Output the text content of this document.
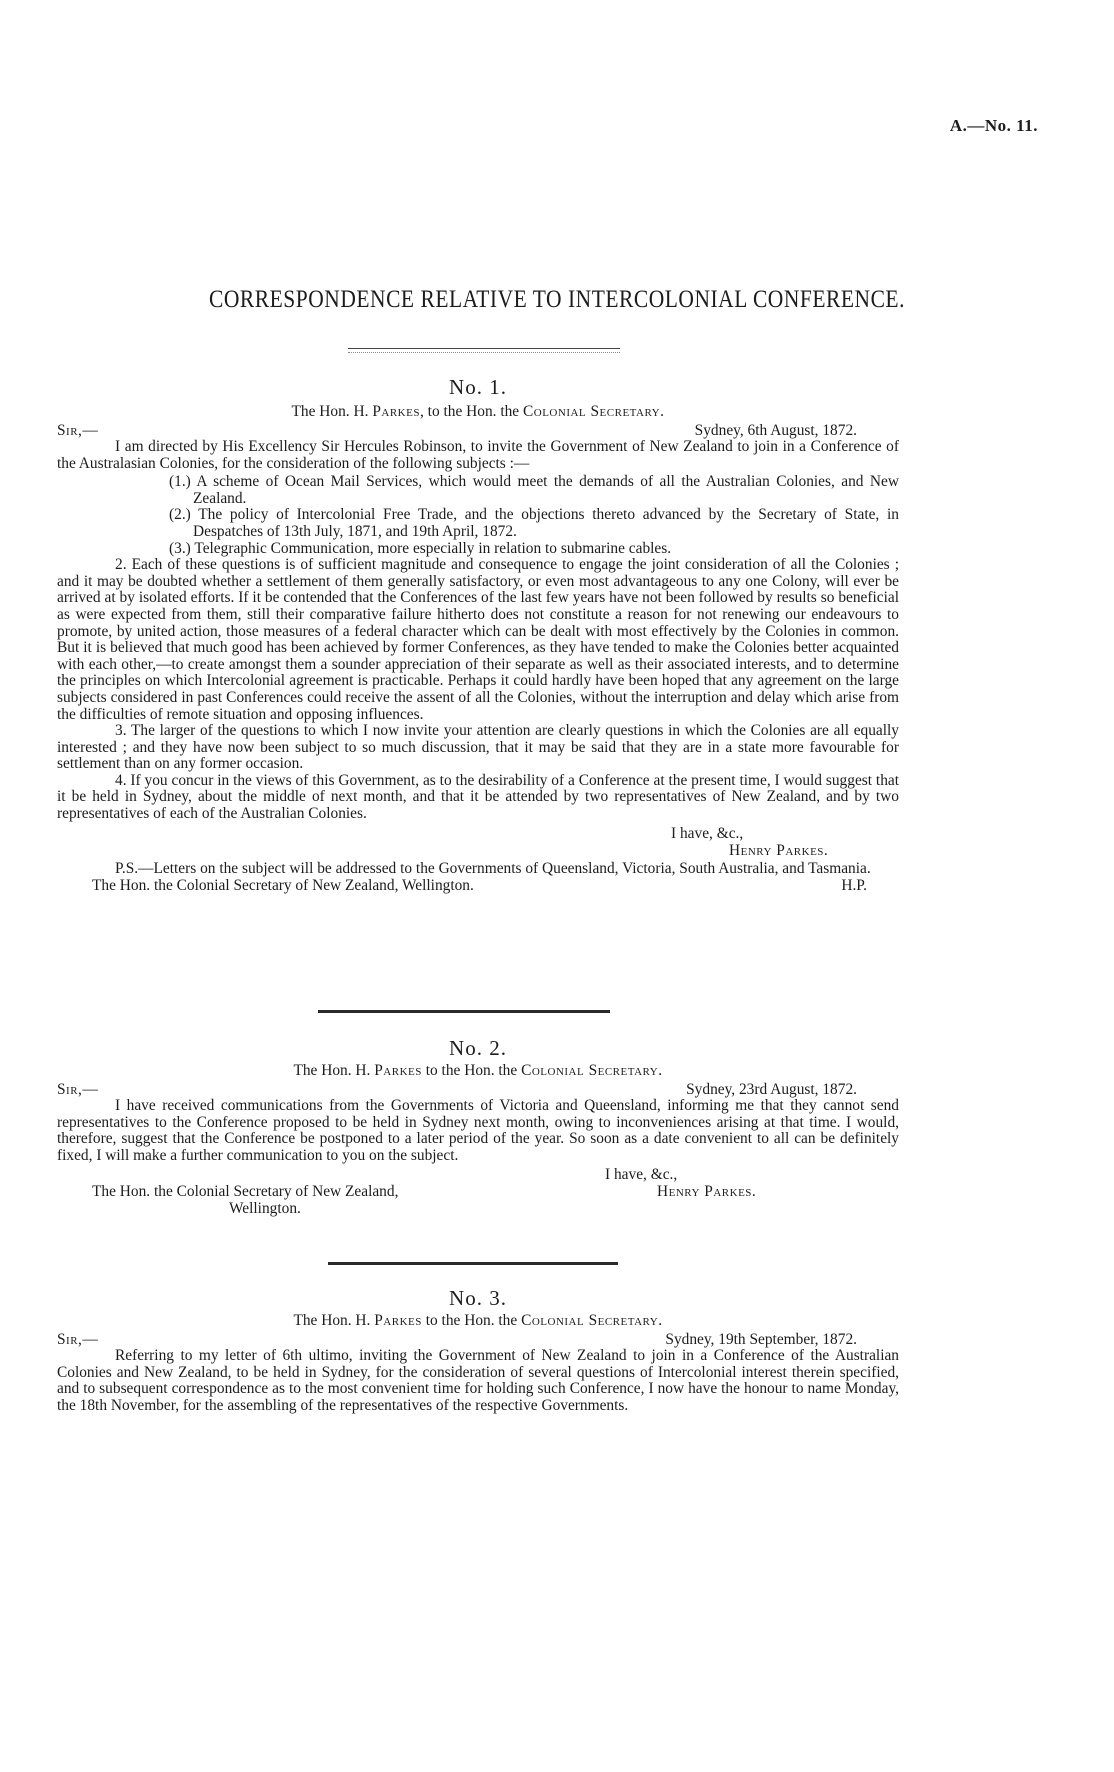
A.—No. 11.
CORRESPONDENCE RELATIVE TO INTERCOLONIAL CONFERENCE.
No. 1.
The Hon. H. Parkes, to the Hon. the Colonial Secretary.
Sir,—	Sydney, 6th August, 1872.

I am directed by His Excellency Sir Hercules Robinson, to invite the Government of New Zealand to join in a Conference of the Australasian Colonies, for the consideration of the following subjects :—

(1.) A scheme of Ocean Mail Services, which would meet the demands of all the Australian Colonies, and New Zealand.

(2.) The policy of Intercolonial Free Trade, and the objections thereto advanced by the Secretary of State, in Despatches of 13th July, 1871, and 19th April, 1872.

(3.) Telegraphic Communication, more especially in relation to submarine cables.

2. Each of these questions is of sufficient magnitude and consequence to engage the joint consideration of all the Colonies ; and it may be doubted whether a settlement of them generally satisfactory, or even most advantageous to any one Colony, will ever be arrived at by isolated efforts. If it be contended that the Conferences of the last few years have not been followed by results so beneficial as were expected from them, still their comparative failure hitherto does not constitute a reason for not renewing our endeavours to promote, by united action, those measures of a federal character which can be dealt with most effectively by the Colonies in common. But it is believed that much good has been achieved by former Conferences, as they have tended to make the Colonies better acquainted with each other,—to create amongst them a sounder appreciation of their separate as well as their associated interests, and to determine the principles on which Intercolonial agreement is practicable. Perhaps it could hardly have been hoped that any agreement on the large subjects considered in past Conferences could receive the assent of all the Colonies, without the interruption and delay which arise from the difficulties of remote situation and opposing influences.

3. The larger of the questions to which I now invite your attention are clearly questions in which the Colonies are all equally interested ; and they have now been subject to so much discussion, that it may be said that they are in a state more favourable for settlement than on any former occasion.

4. If you concur in the views of this Government, as to the desirability of a Conference at the present time, I would suggest that it be held in Sydney, about the middle of next month, and that it be attended by two representatives of New Zealand, and by two representatives of each of the Australian Colonies.

I have, &c.,
Henry Parkes.

P.S.—Letters on the subject will be addressed to the Governments of Queensland, Victoria, South Australia, and Tasmania.

The Hon. the Colonial Secretary of New Zealand, Wellington.	H.P.
No. 2.
The Hon. H. Parkes to the Hon. the Colonial Secretary.
Sir,—	Sydney, 23rd August, 1872.

I have received communications from the Governments of Victoria and Queensland, informing me that they cannot send representatives to the Conference proposed to be held in Sydney next month, owing to inconveniences arising at that time. I would, therefore, suggest that the Conference be postponed to a later period of the year. So soon as a date convenient to all can be definitely fixed, I will make a further communication to you on the subject.

I have, &c.,
The Hon. the Colonial Secretary of New Zealand,	Henry Parkes.
Wellington.
No. 3.
The Hon. H. Parkes to the Hon. the Colonial Secretary.
Sir,—	Sydney, 19th September, 1872.

Referring to my letter of 6th ultimo, inviting the Government of New Zealand to join in a Conference of the Australian Colonies and New Zealand, to be held in Sydney, for the consideration of several questions of Intercolonial interest therein specified, and to subsequent correspondence as to the most convenient time for holding such Conference, I now have the honour to name Monday, the 18th November, for the assembling of the representatives of the respective Governments.
